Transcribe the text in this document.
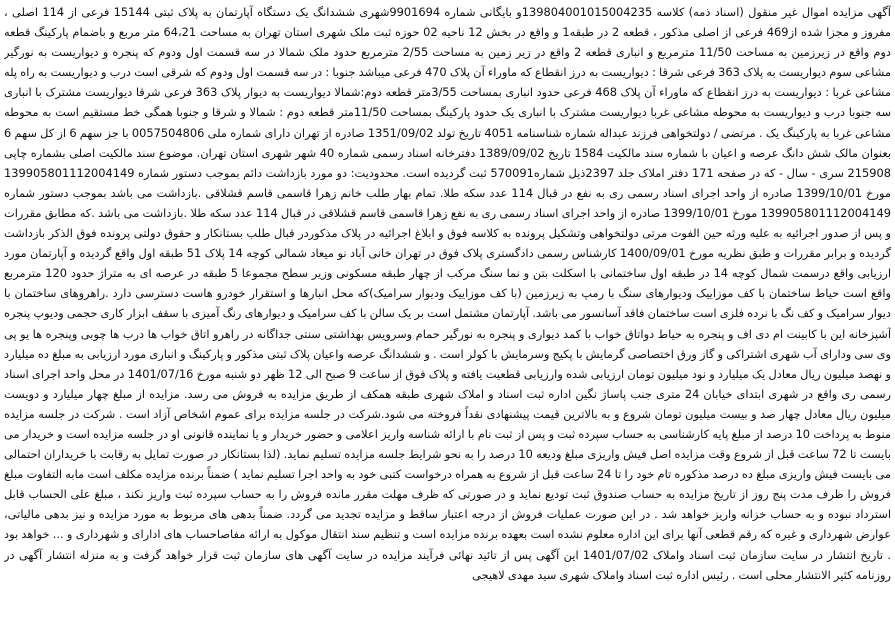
آگهی مزایده اموال غیر منقول (اسناد ذمه) کلاسه 139804001015004235و بایگانی شماره 9901694شهری ششدانگ یک دستگاه آپارتمان به پلاک ثبتی 15144 فرعی از 114 اصلی ، مفروز و مجزا شده از469 فرعی از اصلی مذکور ، قطعه 2 در طبقه1 و واقع در بخش 12 ناحیه 02 حوزه ثبت ملک شهری استان تهران به مساحت 64،21 متر مربع و باضمام پارکینگ قطعه دوم واقع در زیرزمین به مساحت 11/50 مترمربع و انباری قطعه 2 واقع در زیر زمین به مساحت 2/55 مترمربع حدود ملک شمالا در سه قسمت اول ودوم که پنجره و دیواریست به نورگیر مشاعی سوم دیواریست به پلاک 363 فرعی شرقا : دیواریست به درز انقطاع که ماوراء آن پلاک 470 فرعی میباشد جنوبا : در سه قسمت اول ودوم که شرقی است درب و دیواریست به راه پله مشاعی غربا : دیواریست به درز انقطاع که ماوراء آن پلاک 468 فرعی حدود انباری بمساحت 3/55متر قطعه دوم:شمالا دیواریست به دیوار پلاک 363 فرعی شرقا دیواریست مشترک با انباری سه جنوبا درب و دیواریست به محوطه مشاعی غربا دیواریست مشترک با انباری یک حدود پارکینگ بمساحت 11/50متر قطعه دوم : شمالا و شرقا و جنوبا همگی خط مستقیم است به محوطه مشاعی غربا به پارکینگ یک . مرتضی / دولتخواهی فرزند عبداله شماره شناسنامه 4051 تاریخ تولد 1351/09/02 صادره از تهران دارای شماره ملی 0057504806 با جز سهم 6 از کل سهم 6 بعنوان مالک شش دانگ عرصه و اعیان با شماره سند مالکیت 1584 تاریخ 1389/09/02 دفترخانه اسناد رسمی شماره 40 شهر شهری استان تهران. موضوع سند مالکیت اصلی بشماره چاپی 215908 سری - سال - که در صفحه 171 دفتر املاک جلد 2397ذیل شماره570091 ثبت گردیده است. محدودیت: دو مورد بازداشت دائم بموجب دستور شماره 139905801112004149 مورخ 1399/10/01 صادره از واحد اجرای اسناد رسمی ری به نفع در قبال 114 عدد سکه طلا. تمام بهار طلب خانم زهرا قاسمی قاسم قشلاقی .بازداشت می باشد بموجب دستور شماره 139905801112004149 مورخ 1399/10/01 صادره از واحد اجرای اسناد رسمی ری به نفع زهرا قاسمی قاسم قشلاقی در قبال 114 عدد سکه طلا .بازداشت می باشد .که مطابق مقررات و پس از صدور اجرائیه به علیه ورثه حین الفوت مرتی دولتخواهی وتشکیل پرونده به کلاسه فوق و ابلاغ اجرائیه در پلاک مذکوردر قبال طلب بستانکار و حقوق دولتی پرونده فوق الذکر بازداشت گردیده و برابر مقررات و طبق نظریه مورخ 1400/09/01 کارشناس رسمی دادگستری پلاک فوق در تهران خانی آباد نو میعاد شمالی کوچه 14 پلاک 51 طبقه اول واقع گردیده و آپارتمان مورد ارزیابی واقع درسمت شمال کوچه 14 در طبقه اول ساختمانی با اسکلت بتن و نما سنگ مرکب از چهار طبقه مسکونی وزیر سطح مجموعا 5 طبقه در عرصه ای به متراژ حدود 120 مترمربع واقع است حیاط ساختمان با کف موزاییک ودیوارهای سنگ با رمپ به زیرزمین (با کف موزاییک ودیوار سرامیک)که محل انبارها و استقرار خودرو هاست دسترسی دارد .راهروهای ساختمان با دیوار سرامیک و کف نگ با نرده فلزی است ساختمان فاقد آسانسور می باشد. آپارتمان مشتمل است بر یک سالن با کف سرامیک و دیوارهای رنگ آمیزی با سقف ابزار کاری حجمی ودیوپ پنجره آشپزخانه این با کابینت ام دی اف و پنجره به حیاط دواتاق خواب با کمد دیواری و پنجره به نورگیر حمام وسرویس بهداشتی سنتی جداگانه در راهرو اتاق خواب ها درب ها چوبی وپنجره ها یو پی وی سی ودارای آب شهری اشتراکی و گاز ورق اختصاصی گرمایش با پکیج وسرمایش با کولر است . و ششدانگ عرصه واعیان پلاک ثبتی مذکور و پارکینگ و انباری مورد ارزیابی به مبلغ ده میلیارد و نهصد میلیون ریال معادل یک میلیارد و نود میلیون تومان ارزیابی شده وارزیابی قطعیت یافته و پلاک فوق از ساعت 9 صبح الی 12 ظهر دو شنبه مورخ 1401/07/16 در محل واحد اجرای اسناد رسمی ری واقع در شهری ابتدای خیابان 24 متری جنب پاساژ نگین اداره ثبت اسناد و املاک شهری طبقه همکف از طریق مزایده به فروش می رسد. مزایده از مبلغ چهار میلیارد و دویست میلیون ریال معادل چهار صد و بیست میلیون تومان شروع و به بالاترین قیمت پیشنهادی نقداً فروخته می شود.شرکت در جلسه مزایده برای عموم اشخاص آزاد است . شرکت در جلسه مزایده منوط به پرداخت 10 درصد از مبلغ پایه کارشناسی به حساب سپرده ثبت و پس از ثبت نام با ارائه شناسه واریز اعلامی و حضور خریدار و یا نماینده قانونی او در جلسه مزایده است و خریدار می بایست تا 72 ساعت قبل از شروع وقت مزایده اصل فیش واریزی مبلغ ودیعه 10 درصد را به نحو شرایط جلسه مزایده تسلیم نماید. (لذا بستانکار در صورت تمایل به رقابت با خریداران احتمالی می بایست فیش واریزی مبلغ ده درصد مذکوره تام خود را تا 24 ساعت قبل از شروع به همراه درخواست کتبی خود به واحد اجرا تسلیم نماید ) ضمناً برنده مزایده مکلف است مابه التفاوت مبلغ فروش را ظرف مدت پنج روز از تاریخ مزایده به حساب صندوق ثبت تودیع نماید و در صورتی که ظرف مهلت مقرر مانده فروش را به حساب سپرده ثبت واریز نکند ، مبلغ علی الحساب قابل استرداد نبوده و به حساب خزانه واریز خواهد شد . در این صورت عملیات فروش از درجه اعتبار ساقط و مزایده تجدید می گردد. ضمناً بدهی های مربوط به مورد مزایده و نیز بدهی مالیاتی، عوارض شهرداری و غیره که رقم قطعی آنها برای این اداره معلوم نشده است بعهده برنده مزایده است و تنظیم سند انتقال موکول به ارائه مفاصاحساب های ادارای و شهرداری و ... خواهد بود . تاریخ انتشار در سایت سازمان ثبت اسناد واملاک 1401/07/02 این آگهی پس از تائید نهائی فرآیند مزایده در سایت آگهی های سازمان ثبت قرار خواهد گرفت و به منزله انتشار آگهی در روزنامه کثیر الانتشار محلی است . رئیس اداره ثبت اسناد واملاک شهری سید مهدی لاهیجی
